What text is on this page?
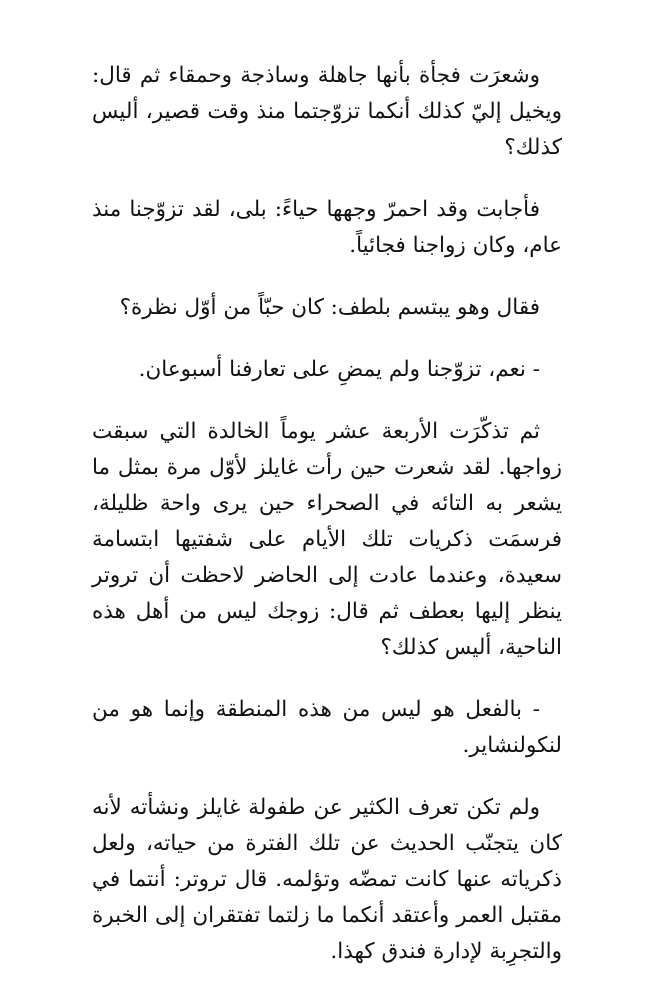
وشعرَت فجأة بأنها جاهلة وساذجة وحمقاء ثم قال: ويخيل إليّ كذلك أنكما تزوّجتما منذ وقت قصير، أليس كذلك؟

فأجابت وقد احمرّ وجهها حياءً: بلى، لقد تزوّجنا منذ عام، وكان زواجنا فجائياً.

فقال وهو يبتسم بلطف: كان حبّاً من أوّل نظرة؟

- نعم، تزوّجنا ولم يمضِ على تعارفنا أسبوعان.

ثم تذكّرَت الأربعة عشر يوماً الخالدة التي سبقت زواجها. لقد شعرت حين رأت غايلز لأوّل مرة بمثل ما يشعر به التائه في الصحراء حين يرى واحة ظليلة، فرسمَت ذكريات تلك الأيام على شفتيها ابتسامة سعيدة، وعندما عادت إلى الحاضر لاحظت أن تروتر ينظر إليها بعطف ثم قال: زوجك ليس من أهل هذه الناحية، أليس كذلك؟

- بالفعل هو ليس من هذه المنطقة وإنما هو من لنكولنشاير.

ولم تكن تعرف الكثير عن طفولة غايلز ونشأته لأنه كان يتجنّب الحديث عن تلك الفترة من حياته، ولعل ذكرياته عنها كانت تمضّه وتؤلمه. قال تروتر: أنتما في مقتبل العمر وأعتقد أنكما ما زلتما تفتقران إلى الخبرة والتجرِبة لإدارة فندق كهذا.
